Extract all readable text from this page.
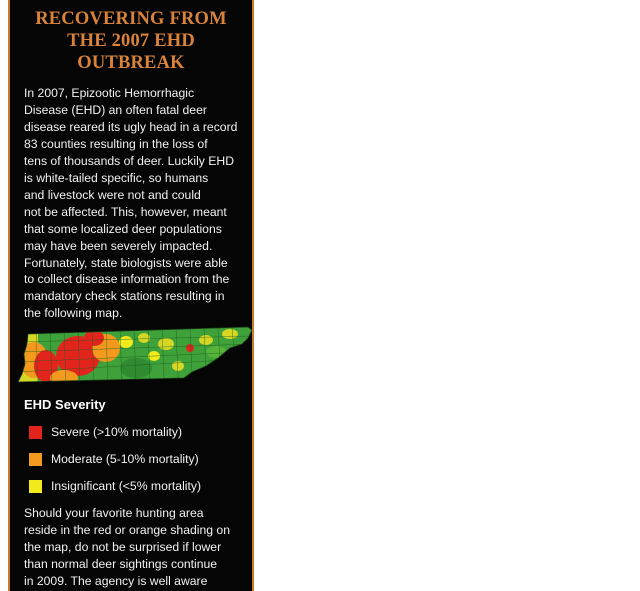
RECOVERING FROM
THE 2007 EHD
OUTBREAK

In 2007, Epizootic Hemorrhagic
Disease (EHD) an often fatal deer
disease reared its ugly head in a record
83 counties resulting in the loss of
tens of thousands of deer. Luckily EHD
is white-tailed specific, so humans
and livestock were not and could
not be affected. This, however, meant
that some localized deer populations
may have been severely impacted.
Fortunately, state biologists were able
to collect disease information from the
mandatory check stations resulting in
the following map.

EHD Severity
Severe (>10% mortality)
Moderate (5-10% mortality)
Insignificant (<5% mortality)

Should your favorite hunting area
reside in the red or orange shading on
the map, do not be surprised if lower
than normal deer sightings continue
in 2009. The agency is well aware
